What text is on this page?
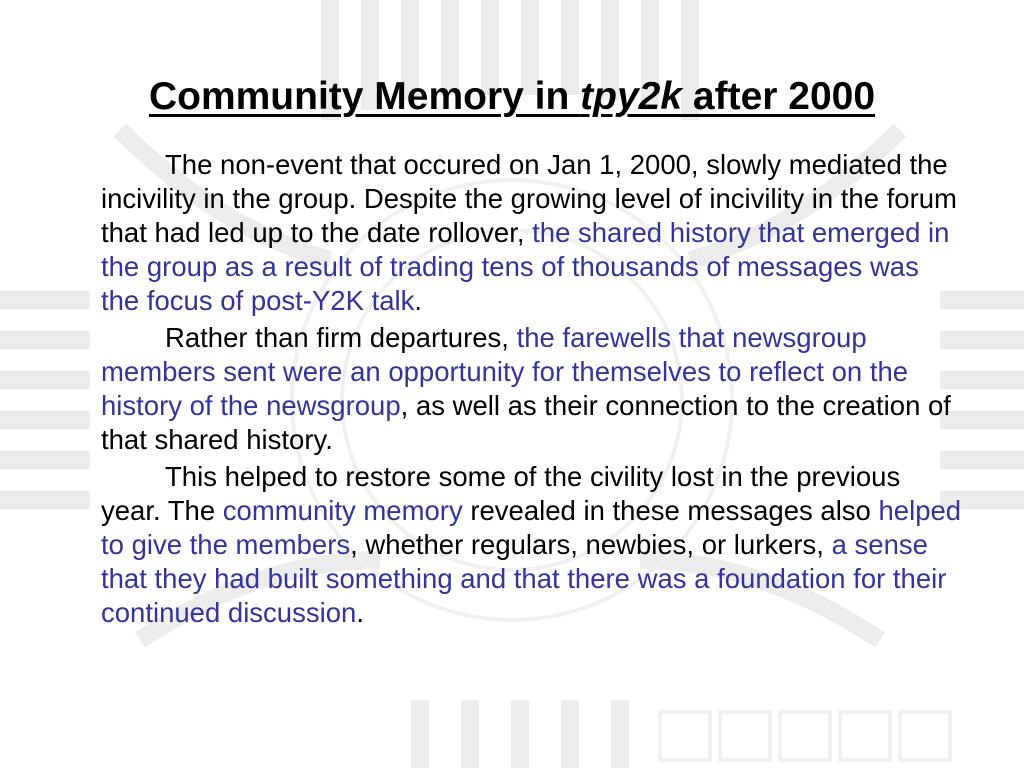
Community Memory in tpy2k after 2000

The non-event that occured on Jan 1, 2000, slowly mediated the incivility in the group. Despite the growing level of incivility in the forum that had led up to the date rollover, the shared history that emerged in the group as a result of trading tens of thousands of messages was the focus of post-Y2K talk.

Rather than firm departures, the farewells that newsgroup members sent were an opportunity for themselves to reflect on the history of the newsgroup, as well as their connection to the creation of that shared history.

This helped to restore some of the civility lost in the previous year. The community memory revealed in these messages also helped to give the members, whether regulars, newbies, or lurkers, a sense that they had built something and that there was a foundation for their continued discussion.
